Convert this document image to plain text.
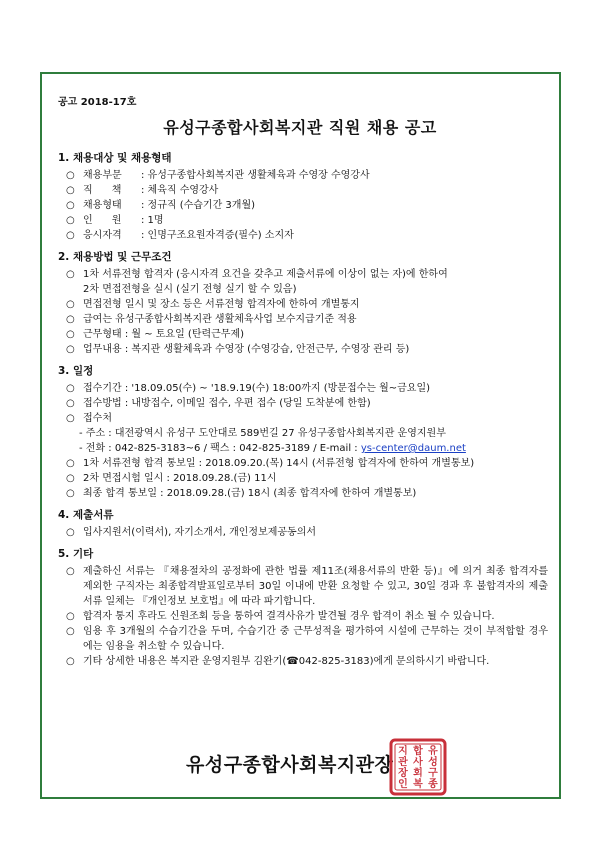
공고 2018-17호
유성구종합사회복지관 직원 채용 공고
1. 채용대상 및 채용형태
○ 채용부문 : 유성구종합사회복지관 생활체육과 수영장 수영강사
○ 직      책 : 체육직 수영강사
○ 채용형태 : 정규직 (수습기간 3개월)
○ 인      원 : 1명
○ 응시자격 : 인명구조요원자격증(필수) 소지자
2. 채용방법 및 근무조건
○ 1차 서류전형 합격자 (응시자격 요건을 갖추고 제출서류에 이상이 없는 자)에 한하여
2차 면접전형을 실시 (실기 전형 실기 할 수 있음)
○ 면접전형 일시 및 장소 등은 서류전형 합격자에 한하여 개별통지
○ 급여는 유성구종합사회복지관 생활체육사업 보수지급기준 적용
○ 근무형태 : 월 ~ 토요일 (탄력근무제)
○ 업무내용 : 복지관 생활체육과 수영장 (수영강습, 안전근무, 수영장 관리 등)
3. 일정
○ 접수기간 : '18.09.05(수) ~ '18.9.19(수) 18:00까지 (방문접수는 월~금요일)
○ 접수방법 : 내방접수, 이메일 접수, 우편 접수 (당일 도착분에 한함)
○ 접수처
- 주소 : 대전광역시 유성구 도안대로 589번길 27 유성구종합사회복지관 운영지원부
- 전화 : 042-825-3183~6 / 팩스 : 042-825-3189 / E-mail : ys-center@daum.net
○ 1차 서류전형 합격 통보일 : 2018.09.20.(목) 14시 (서류전형 합격자에 한하여 개별통보)
○ 2차 면접시험 일시 : 2018.09.28.(금) 11시
○ 최종 합격 통보일 : 2018.09.28.(금) 18시 (최종 합격자에 한하여 개별통보)
4. 제출서류
○ 입사지원서(이력서), 자기소개서, 개인정보제공동의서
5. 기타
○ 제출하신 서류는 『채용절차의 공정화에 관한 법률 제11조(채용서류의 반환 등)』에 의거 최종 합격자를 제외한 구직자는 최종합격발표일로부터 30일 이내에 반환 요청할 수 있고, 30일 경과 후 불합격자의 제출서류 일체는 『개인정보 보호법』에 따라 파기합니다.
○ 합격자 통지 후라도 신원조회 등을 통하여 결격사유가 발견될 경우 합격이 취소 될 수 있습니다.
○ 임용 후 3개월의 수습기간을 두며, 수습기간 중 근무성적을 평가하여 시설에 근무하는 것이 부적합할 경우에는 임용을 취소할 수 있습니다.
○ 기타 상세한 내용은 복지관 운영지원부 김완기(☎042-825-3183)에게 문의하시기 바랍니다.
유성구종합사회복지관장
유
성
구
종
합
사
회
복
지
관
장
인
